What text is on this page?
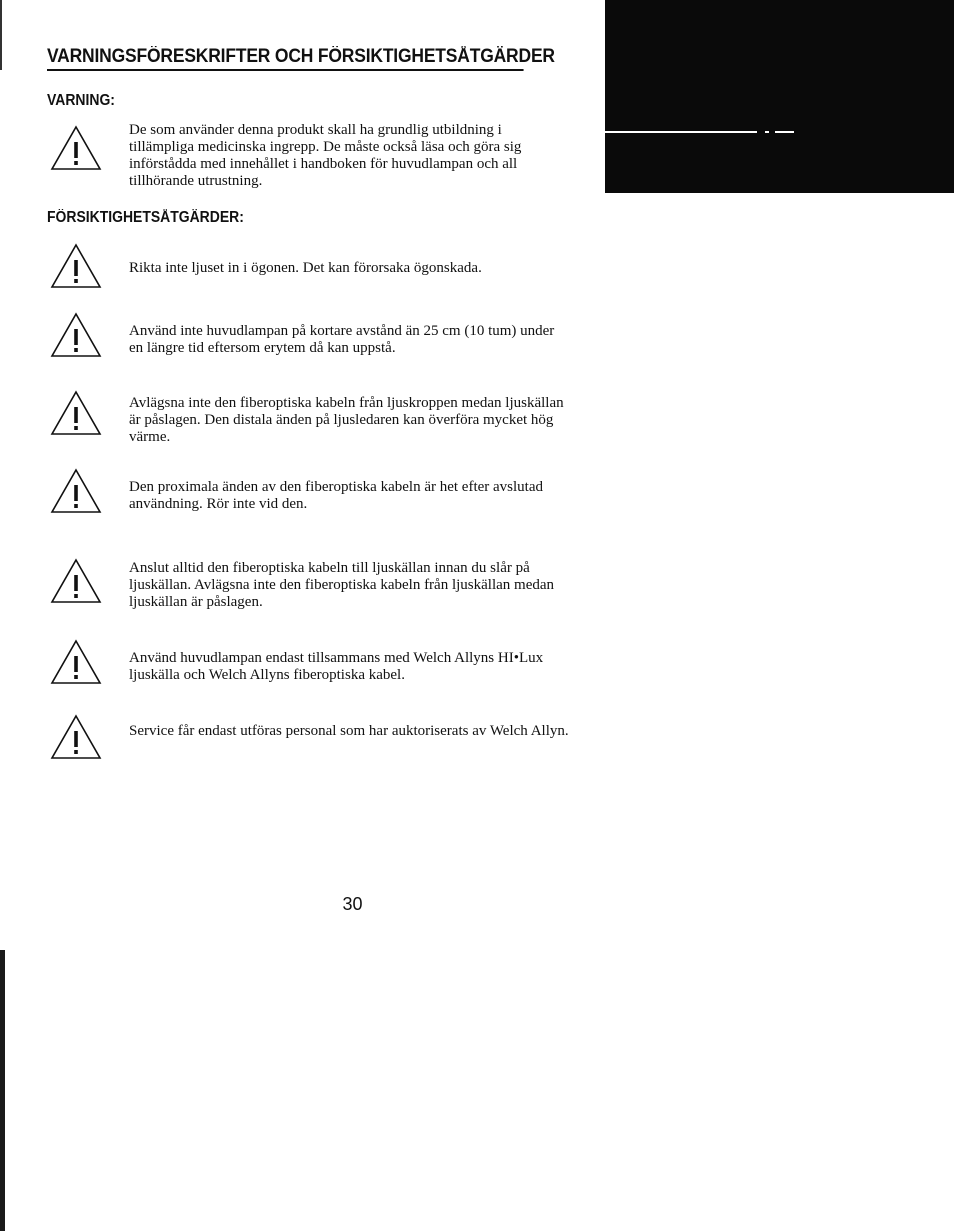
VARNINGSFÖRESKRIFTER OCH FÖRSIKTIGHETSÅTGÄRDER
VARNING:

De som använder denna produkt skall ha grundlig utbildning i tillämpliga medicinska ingrepp. De måste också läsa och göra sig införstådda med innehållet i handboken för huvudlampan och all tillhörande utrustning.

FÖRSIKTIGHETSÅTGÄRDER:

Rikta inte ljuset in i ögonen. Det kan förorsaka ögonskada.

Använd inte huvudlampan på kortare avstånd än 25 cm (10 tum) under en längre tid eftersom erytem då kan uppstå.

Avlägsna inte den fiberoptiska kabeln från ljuskroppen medan ljuskällan är påslagen. Den distala änden på ljusledaren kan överföra mycket hög värme.

Den proximala änden av den fiberoptiska kabeln är het efter avslutad användning. Rör inte vid den.

Anslut alltid den fiberoptiska kabeln till ljuskällan innan du slår på ljuskällan. Avlägsna inte den fiberoptiska kabeln från ljuskällan medan ljuskällan är påslagen.

Använd huvudlampan endast tillsammans med Welch Allyns HI•Lux ljuskälla och Welch Allyns fiberoptiska kabel.

Service får endast utföras personal som har auktoriserats av Welch Allyn.

30
